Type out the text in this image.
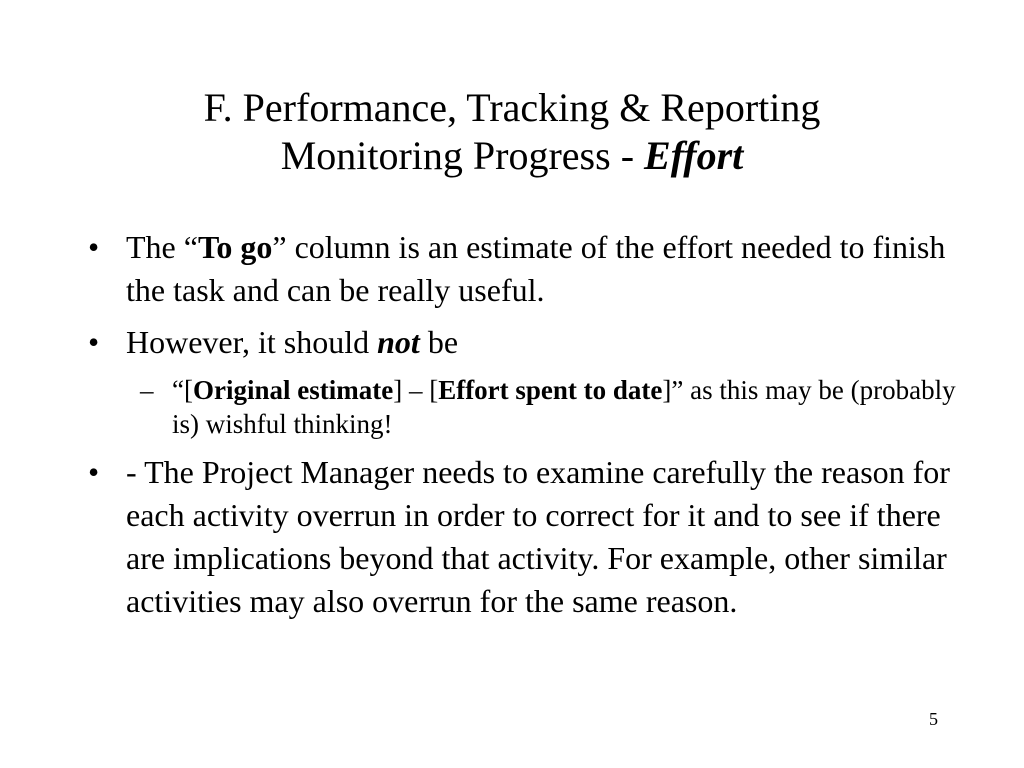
F. Performance, Tracking & Reporting
Monitoring Progress - Effort
• The “To go” column is an estimate of the effort needed to finish the task and can be really useful.
• However, it should not be
– “[Original estimate] – [Effort spent to date]” as this may be (probably is) wishful thinking!
• - The Project Manager needs to examine carefully the reason for each activity overrun in order to correct for it and to see if there are implications beyond that activity. For example, other similar activities may also overrun for the same reason.
5
